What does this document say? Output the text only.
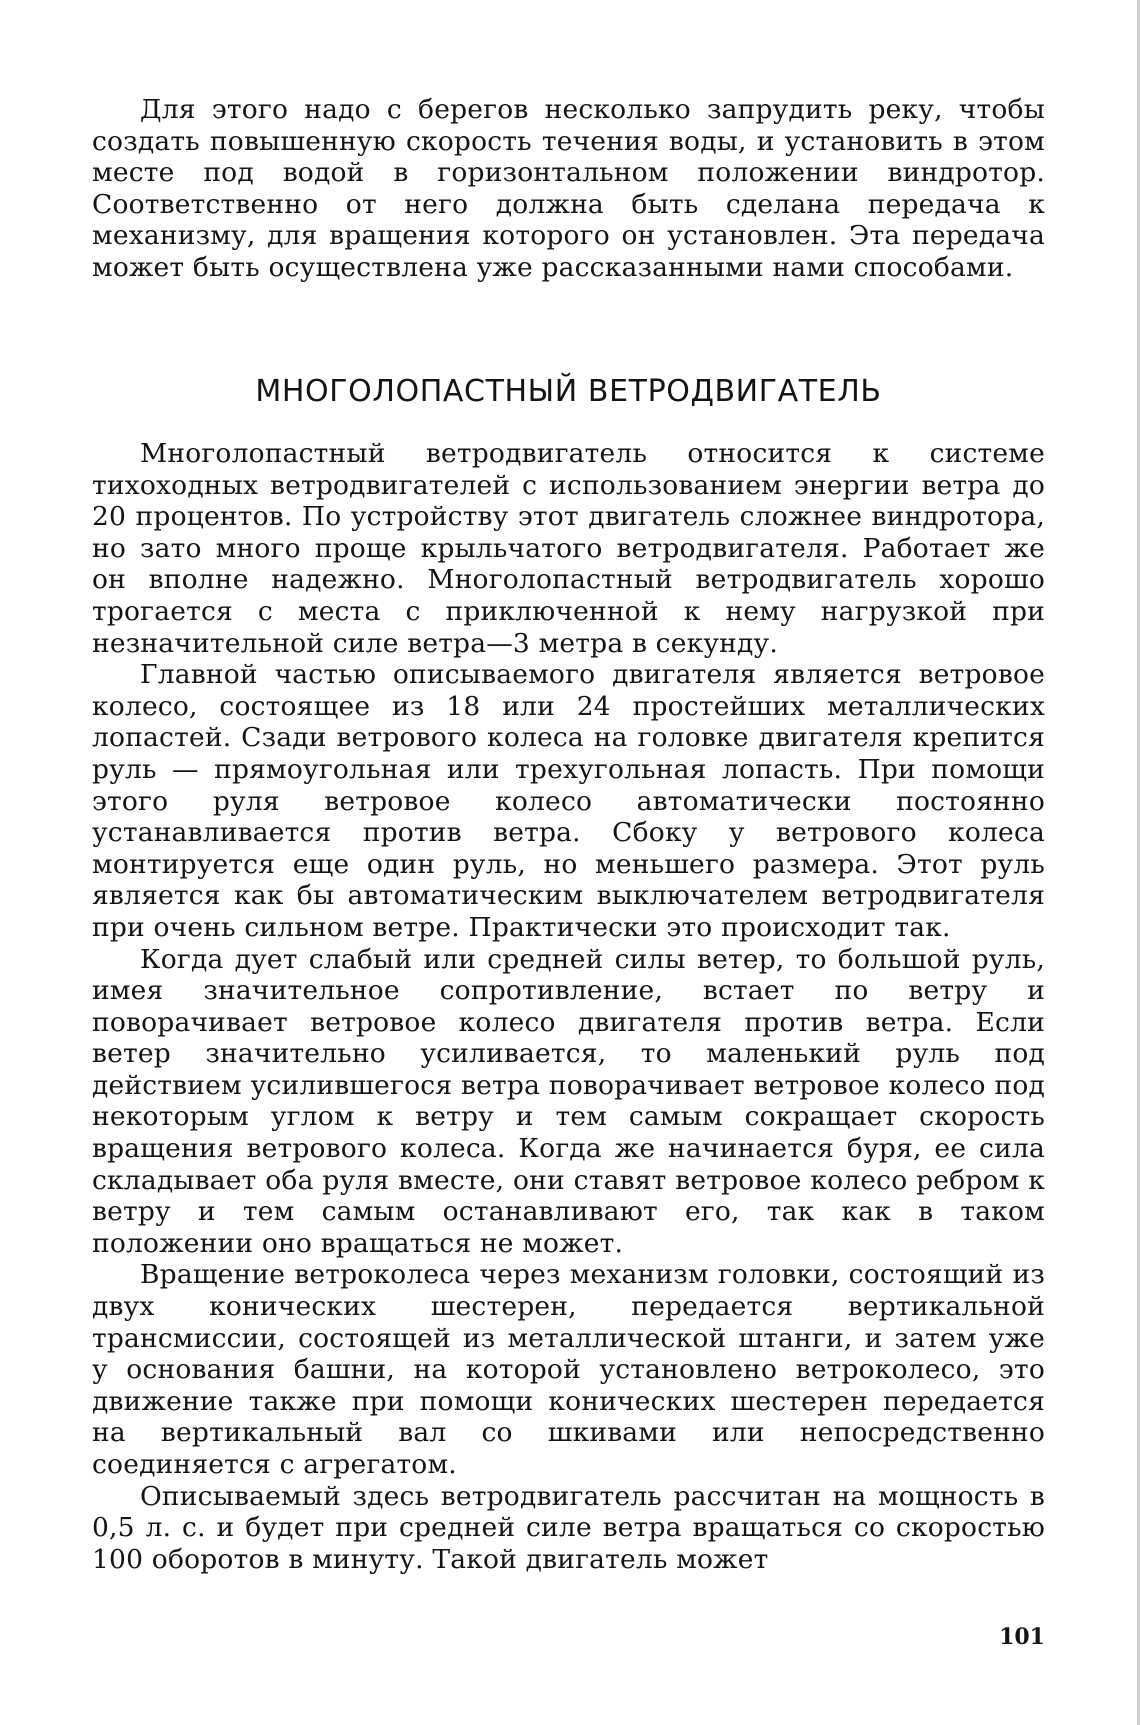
Для этого надо с берегов несколько запрудить реку, чтобы создать повышенную скорость течения воды, и установить в этом месте под водой в горизонтальном положении виндротор. Соответственно от него должна быть сделана передача к механизму, для вращения которого он установлен. Эта передача может быть осуществлена уже рассказанными нами способами.

МНОГОЛОПАСТНЫЙ ВЕТРОДВИГАТЕЛЬ

Многолопастный ветродвигатель относится к системе тихоходных ветродвигателей с использованием энергии ветра до 20 процентов. По устройству этот двигатель сложнее виндротора, но зато много проще крыльчатого ветродвигателя. Работает же он вполне надежно. Многолопастный ветродвигатель хорошо трогается с места с приключенной к нему нагрузкой при незначительной силе ветра—3 метра в секунду.

Главной частью описываемого двигателя является ветровое колесо, состоящее из 18 или 24 простейших металлических лопастей. Сзади ветрового колеса на головке двигателя крепится руль — прямоугольная или трехугольная лопасть. При помощи этого руля ветровое колесо автоматически постоянно устанавливается против ветра. Сбоку у ветрового колеса монтируется еще один руль, но меньшего размера. Этот руль является как бы автоматическим выключателем ветродвигателя при очень сильном ветре. Практически это происходит так.

Когда дует слабый или средней силы ветер, то большой руль, имея значительное сопротивление, встает по ветру и поворачивает ветровое колесо двигателя против ветра. Если ветер значительно усиливается, то маленький руль под действием усилившегося ветра поворачивает ветровое колесо под некоторым углом к ветру и тем самым сокращает скорость вращения ветрового колеса. Когда же начинается буря, ее сила складывает оба руля вместе, они ставят ветровое колесо ребром к ветру и тем самым останавливают его, так как в таком положении оно вращаться не может.

Вращение ветроколеса через механизм головки, состоящий из двух конических шестерен, передается вертикальной трансмиссии, состоящей из металлической штанги, и затем уже у основания башни, на которой установлено ветроколесо, это движение также при помощи конических шестерен передается на вертикальный вал со шкивами или непосредственно соединяется с агрегатом.

Описываемый здесь ветродвигатель рассчитан на мощность в 0,5 л. с. и будет при средней силе ветра вращаться со скоростью 100 оборотов в минуту. Такой двигатель может

101
